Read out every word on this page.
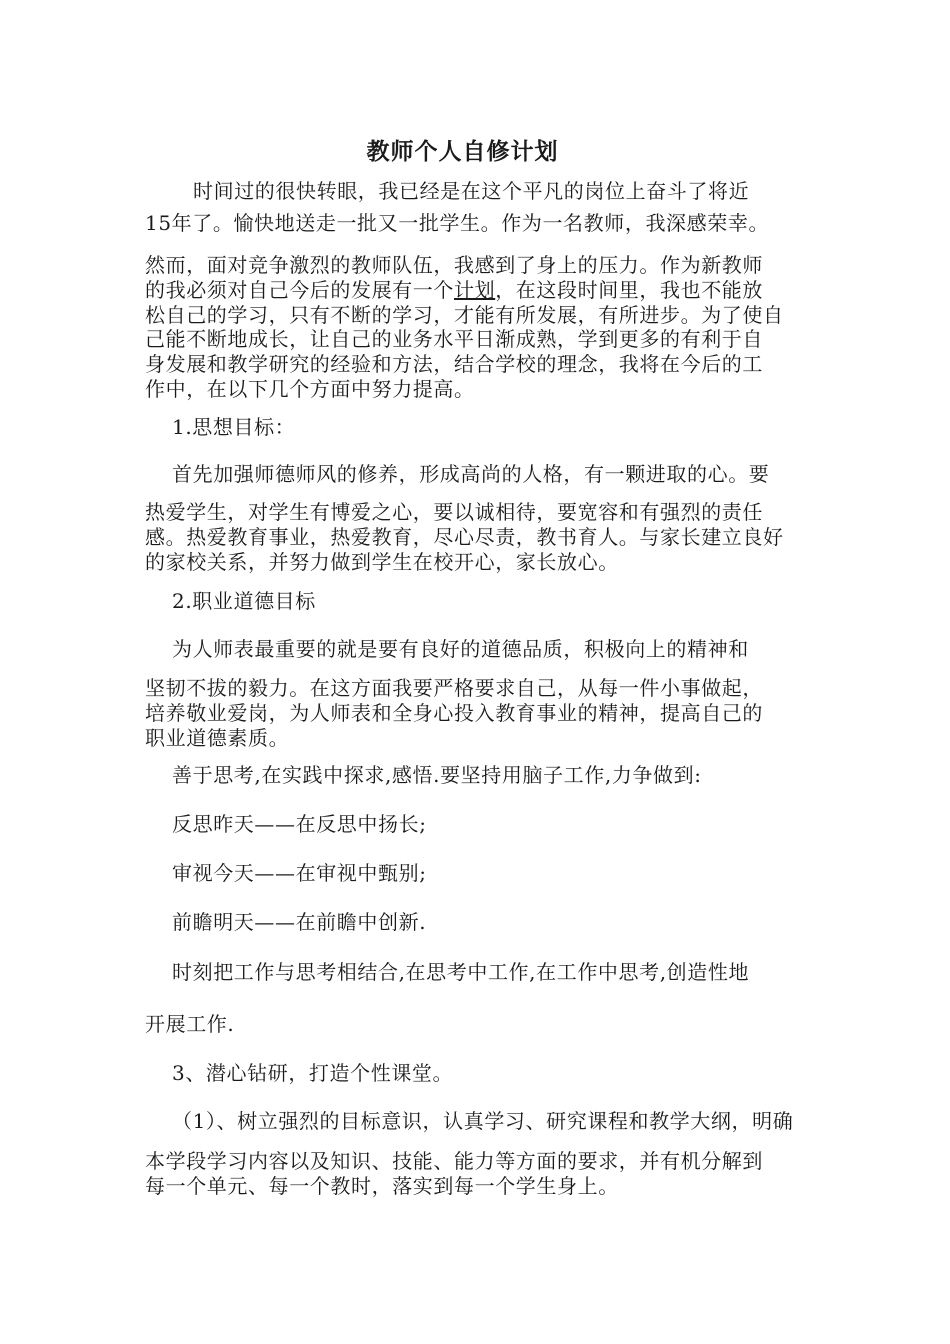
教师个人自修计划
时间过的很快转眼，我已经是在这个平凡的岗位上奋斗了将近
15年了。愉快地送走一批又一批学生。作为一名教师，我深感荣幸。
然而，面对竞争激烈的教师队伍，我感到了身上的压力。作为新教师
的我必须对自己今后的发展有一个计划，在这段时间里，我也不能放
松自己的学习，只有不断的学习，才能有所发展，有所进步。为了使自
己能不断地成长，让自己的业务水平日渐成熟，学到更多的有利于自
身发展和教学研究的经验和方法，结合学校的理念，我将在今后的工
作中，在以下几个方面中努力提高。
1.思想目标：
首先加强师德师风的修养，形成高尚的人格，有一颗进取的心。要
热爱学生，对学生有博爱之心，要以诚相待，要宽容和有强烈的责任
感。热爱教育事业，热爱教育，尽心尽责，教书育人。与家长建立良好
的家校关系，并努力做到学生在校开心，家长放心。
2.职业道德目标
为人师表最重要的就是要有良好的道德品质，积极向上的精神和
坚韧不拔的毅力。在这方面我要严格要求自己，从每一件小事做起，
培养敬业爱岗，为人师表和全身心投入教育事业的精神，提高自己的
职业道德素质。
善于思考,在实践中探求,感悟.要坚持用脑子工作,力争做到:
反思昨天——在反思中扬长;
审视今天——在审视中甄别;
前瞻明天——在前瞻中创新.
时刻把工作与思考相结合,在思考中工作,在工作中思考,创造性地
开展工作.
3、潜心钻研，打造个性课堂。
（1）、树立强烈的目标意识，认真学习、研究课程和教学大纲，明确
本学段学习内容以及知识、技能、能力等方面的要求，并有机分解到
每一个单元、每一个教时，落实到每一个学生身上。
